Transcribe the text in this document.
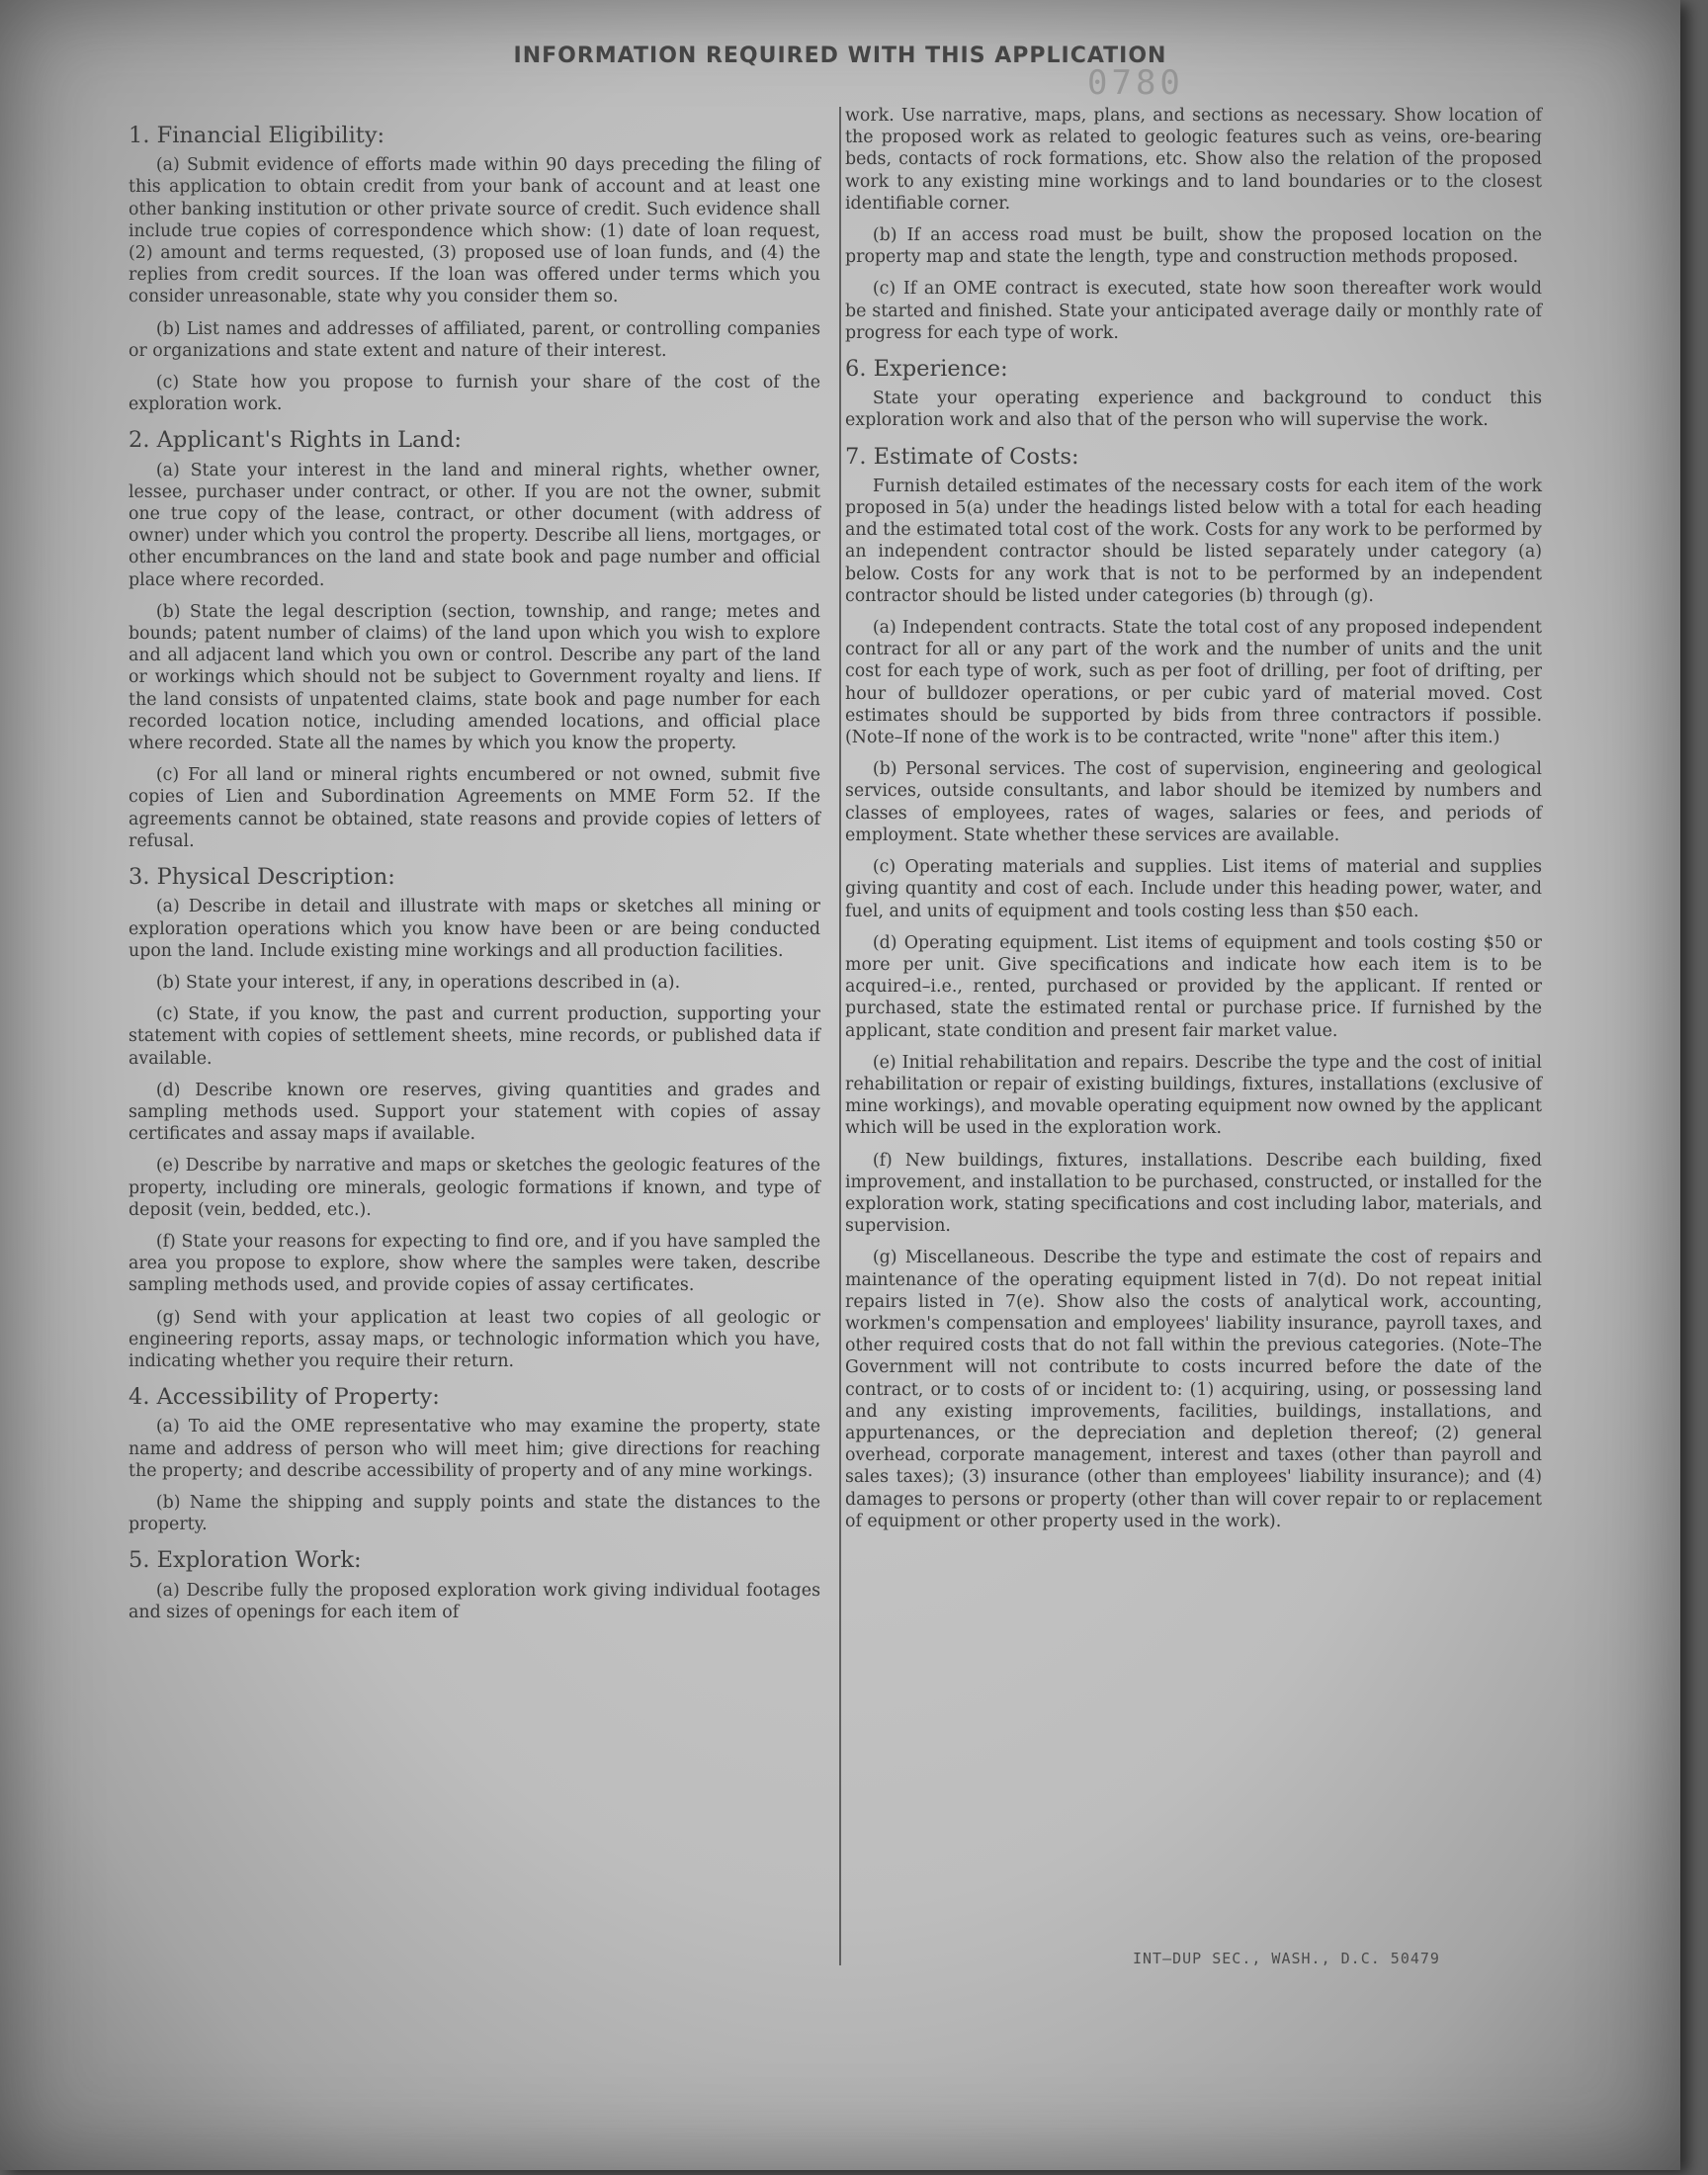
INFORMATION REQUIRED WITH THIS APPLICATION
0780
1. Financial Eligibility:

(a) Submit evidence of efforts made within 90 days preceding the filing of this application to obtain credit from your bank of account and at least one other banking institution or other private source of credit. Such evidence shall include true copies of correspondence which show: (1) date of loan request, (2) amount and terms requested, (3) proposed use of loan funds, and (4) the replies from credit sources. If the loan was offered under terms which you consider unreasonable, state why you consider them so.

(b) List names and addresses of affiliated, parent, or controlling companies or organizations and state extent and nature of their interest.

(c) State how you propose to furnish your share of the cost of the exploration work.

2. Applicant's Rights in Land:

(a) State your interest in the land and mineral rights, whether owner, lessee, purchaser under contract, or other. If you are not the owner, submit one true copy of the lease, contract, or other document (with address of owner) under which you control the property. Describe all liens, mortgages, or other encumbrances on the land and state book and page number and official place where recorded.

(b) State the legal description (section, township, and range; metes and bounds; patent number of claims) of the land upon which you wish to explore and all adjacent land which you own or control. Describe any part of the land or workings which should not be subject to Government royalty and liens. If the land consists of unpatented claims, state book and page number for each recorded location notice, including amended locations, and official place where recorded. State all the names by which you know the property.

(c) For all land or mineral rights encumbered or not owned, submit five copies of Lien and Subordination Agreements on MME Form 52. If the agreements cannot be obtained, state reasons and provide copies of letters of refusal.

3. Physical Description:

(a) Describe in detail and illustrate with maps or sketches all mining or exploration operations which you know have been or are being conducted upon the land. Include existing mine workings and all production facilities.

(b) State your interest, if any, in operations described in (a).

(c) State, if you know, the past and current production, supporting your statement with copies of settlement sheets, mine records, or published data if available.

(d) Describe known ore reserves, giving quantities and grades and sampling methods used. Support your statement with copies of assay certificates and assay maps if available.

(e) Describe by narrative and maps or sketches the geologic features of the property, including ore minerals, geologic formations if known, and type of deposit (vein, bedded, etc.).

(f) State your reasons for expecting to find ore, and if you have sampled the area you propose to explore, show where the samples were taken, describe sampling methods used, and provide copies of assay certificates.

(g) Send with your application at least two copies of all geologic or engineering reports, assay maps, or technologic information which you have, indicating whether you require their return.

4. Accessibility of Property:

(a) To aid the OME representative who may examine the property, state name and address of person who will meet him; give directions for reaching the property; and describe accessibility of property and of any mine workings.

(b) Name the shipping and supply points and state the distances to the property.

5. Exploration Work:

(a) Describe fully the proposed exploration work giving individual footages and sizes of openings for each item of

work. Use narrative, maps, plans, and sections as necessary. Show location of the proposed work as related to geologic features such as veins, ore-bearing beds, contacts of rock formations, etc. Show also the relation of the proposed work to any existing mine workings and to land boundaries or to the closest identifiable corner.

(b) If an access road must be built, show the proposed location on the property map and state the length, type and construction methods proposed.

(c) If an OME contract is executed, state how soon thereafter work would be started and finished. State your anticipated average daily or monthly rate of progress for each type of work.

6. Experience:

State your operating experience and background to conduct this exploration work and also that of the person who will supervise the work.

7. Estimate of Costs:

Furnish detailed estimates of the necessary costs for each item of the work proposed in 5(a) under the headings listed below with a total for each heading and the estimated total cost of the work. Costs for any work to be performed by an independent contractor should be listed separately under category (a) below. Costs for any work that is not to be performed by an independent contractor should be listed under categories (b) through (g).

(a) Independent contracts. State the total cost of any proposed independent contract for all or any part of the work and the number of units and the unit cost for each type of work, such as per foot of drilling, per foot of drifting, per hour of bulldozer operations, or per cubic yard of material moved. Cost estimates should be supported by bids from three contractors if possible. (Note–If none of the work is to be contracted, write "none" after this item.)

(b) Personal services. The cost of supervision, engineering and geological services, outside consultants, and labor should be itemized by numbers and classes of employees, rates of wages, salaries or fees, and periods of employment. State whether these services are available.

(c) Operating materials and supplies. List items of material and supplies giving quantity and cost of each. Include under this heading power, water, and fuel, and units of equipment and tools costing less than $50 each.

(d) Operating equipment. List items of equipment and tools costing $50 or more per unit. Give specifications and indicate how each item is to be acquired–i.e., rented, purchased or provided by the applicant. If rented or purchased, state the estimated rental or purchase price. If furnished by the applicant, state condition and present fair market value.

(e) Initial rehabilitation and repairs. Describe the type and the cost of initial rehabilitation or repair of existing buildings, fixtures, installations (exclusive of mine workings), and movable operating equipment now owned by the applicant which will be used in the exploration work.

(f) New buildings, fixtures, installations. Describe each building, fixed improvement, and installation to be purchased, constructed, or installed for the exploration work, stating specifications and cost including labor, materials, and supervision.

(g) Miscellaneous. Describe the type and estimate the cost of repairs and maintenance of the operating equipment listed in 7(d). Do not repeat initial repairs listed in 7(e). Show also the costs of analytical work, accounting, workmen's compensation and employees' liability insurance, payroll taxes, and other required costs that do not fall within the previous categories. (Note–The Government will not contribute to costs incurred before the date of the contract, or to costs of or incident to: (1) acquiring, using, or possessing land and any existing improvements, facilities, buildings, installations, and appurtenances, or the depreciation and depletion thereof; (2) general overhead, corporate management, interest and taxes (other than payroll and sales taxes); (3) insurance (other than employees' liability insurance); and (4) damages to persons or property (other than will cover repair to or replacement of equipment or other property used in the work).

INT–DUP SEC., WASH., D.C. 50479
